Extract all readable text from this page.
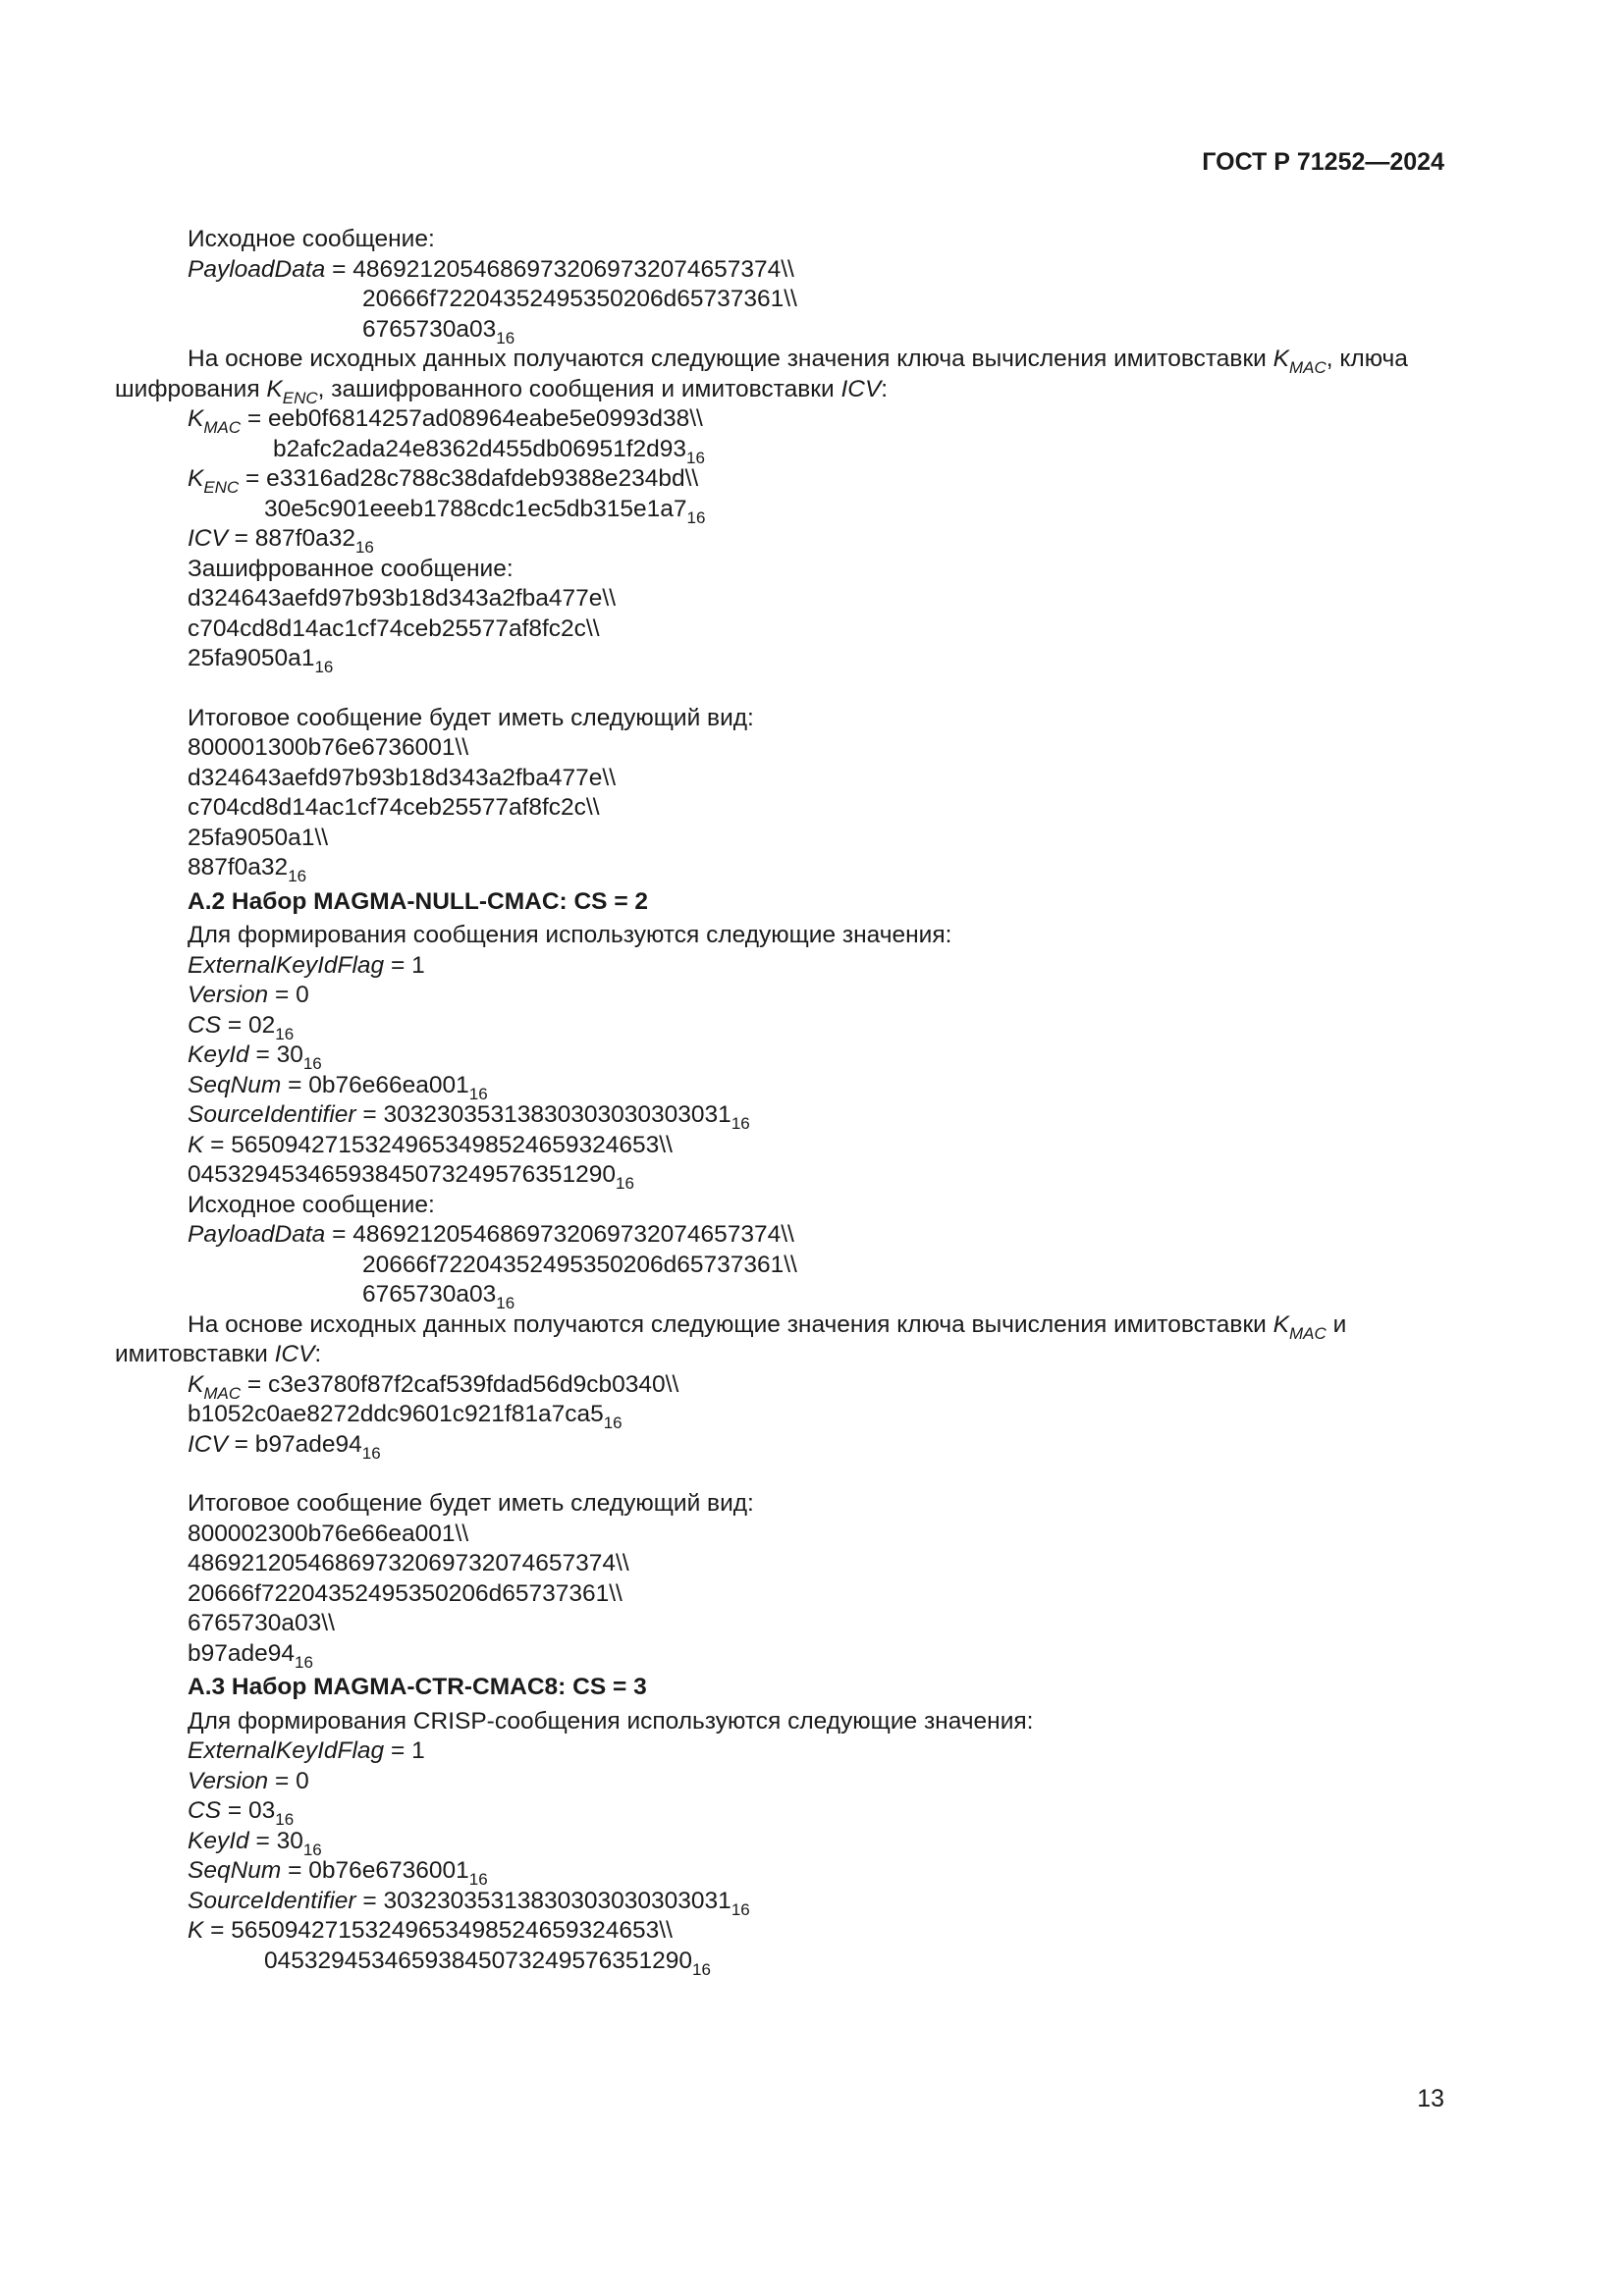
ГОСТ Р 71252—2024
Исходное сообщение:
PayloadData = 48692120546869732069732074657374\\
20666f72204352495350206d65737361\\
$6765730a03_{16}$
На основе исходных данных получаются следующие значения ключа вычисления имитовставки $K_{MAC}$, ключа шифрования $K_{ENC}$, зашифрованного сообщения и имитовставки ICV:
$K_{MAC}$ = eeb0f6814257ad08964eabe5e0993d38\\
$b2afc2ada24e8362d455db06951f2d93_{16}$
$K_{ENC}$ = e3316ad28c788c38dafdeb9388e234bd\\
$30e5c901eeeb1788cdc1ec5db315e1a7_{16}$
ICV = $887f0a32_{16}$
Зашифрованное сообщение:
d324643aefd97b93b18d343a2fba477e\\
c704cd8d14ac1cf74ceb25577af8fc2c\\
$25fa9050a1_{16}$
Итоговое сообщение будет иметь следующий вид:
800001300b76e6736001\\
d324643aefd97b93b18d343a2fba477e\\
c704cd8d14ac1cf74ceb25577af8fc2c\\
25fa9050a1\\
$887f0a32_{16}$
А.2 Набор MAGMA-NULL-CMAC: CS = 2
Для формирования сообщения используются следующие значения:
ExternalKeyIdFlag = 1
Version = 0
CS = $02_{16}$
KeyId = $30_{16}$
SeqNum = $0b76e66ea001_{16}$
SourceIdentifier = $30323035313830303030303031_{16}$
K = 56509427153249653498524659324653\\
$04532945346593845073249576351290_{16}$
Исходное сообщение:
PayloadData = 48692120546869732069732074657374\\
20666f72204352495350206d65737361\\
$6765730a03_{16}$
На основе исходных данных получаются следующие значения ключа вычисления имитовставки $K_{MAC}$ и имитовставки ICV:
$K_{MAC}$ = c3e3780f87f2caf539fdad56d9cb0340\\
$b1052c0ae8272ddc9601c921f81a7ca5_{16}$
ICV = $b97ade94_{16}$
Итоговое сообщение будет иметь следующий вид:
800002300b76e66ea001\\
48692120546869732069732074657374\\
20666f72204352495350206d65737361\\
6765730a03\\
$b97ade94_{16}$
А.3 Набор MAGMA-CTR-CMAC8: CS = 3
Для формирования CRISP-сообщения используются следующие значения:
ExternalKeyIdFlag = 1
Version = 0
CS = $03_{16}$
KeyId = $30_{16}$
SeqNum = $0b76e6736001_{16}$
SourceIdentifier = $30323035313830303030303031_{16}$
K = 56509427153249653498524659324653\\
$04532945346593845073249576351290_{16}$
13
